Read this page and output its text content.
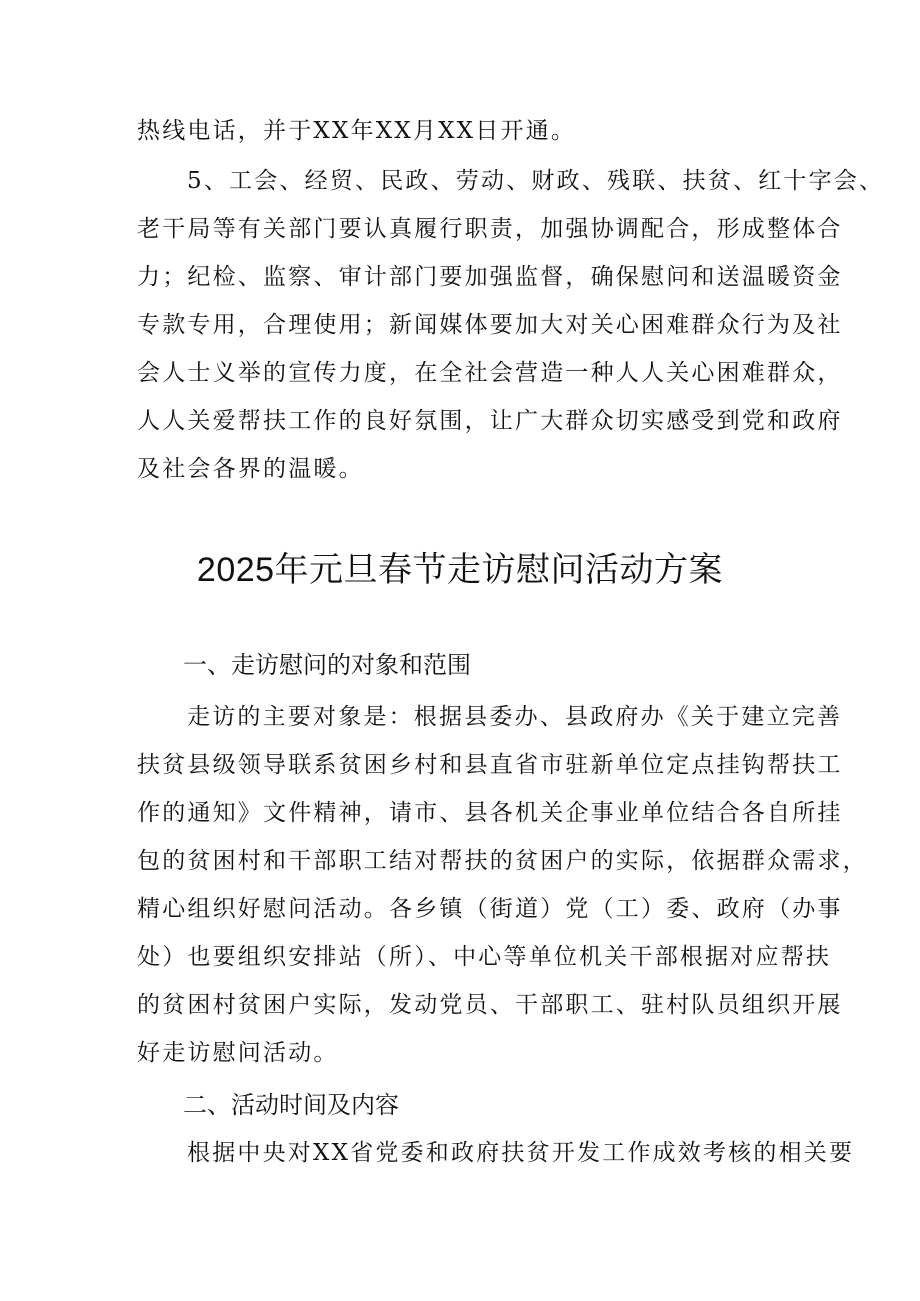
热线电话，并于XX年XX月XX日开通。
5、工会、经贸、民政、劳动、财政、残联、扶贫、红十字会、
老干局等有关部门要认真履行职责，加强协调配合，形成整体合
力；纪检、监察、审计部门要加强监督，确保慰问和送温暖资金
专款专用，合理使用；新闻媒体要加大对关心困难群众行为及社
会人士义举的宣传力度，在全社会营造一种人人关心困难群众，
人人关爱帮扶工作的良好氛围，让广大群众切实感受到党和政府
及社会各界的温暖。
2025年元旦春节走访慰问活动方案
一、走访慰问的对象和范围
走访的主要对象是：根据县委办、县政府办《关于建立完善
扶贫县级领导联系贫困乡村和县直省市驻新单位定点挂钩帮扶工
作的通知》文件精神，请市、县各机关企事业单位结合各自所挂
包的贫困村和干部职工结对帮扶的贫困户的实际，依据群众需求，
精心组织好慰问活动。各乡镇（街道）党（工）委、政府（办事
处）也要组织安排站（所）、中心等单位机关干部根据对应帮扶
的贫困村贫困户实际，发动党员、干部职工、驻村队员组织开展
好走访慰问活动。
二、活动时间及内容
根据中央对XX省党委和政府扶贫开发工作成效考核的相关要
